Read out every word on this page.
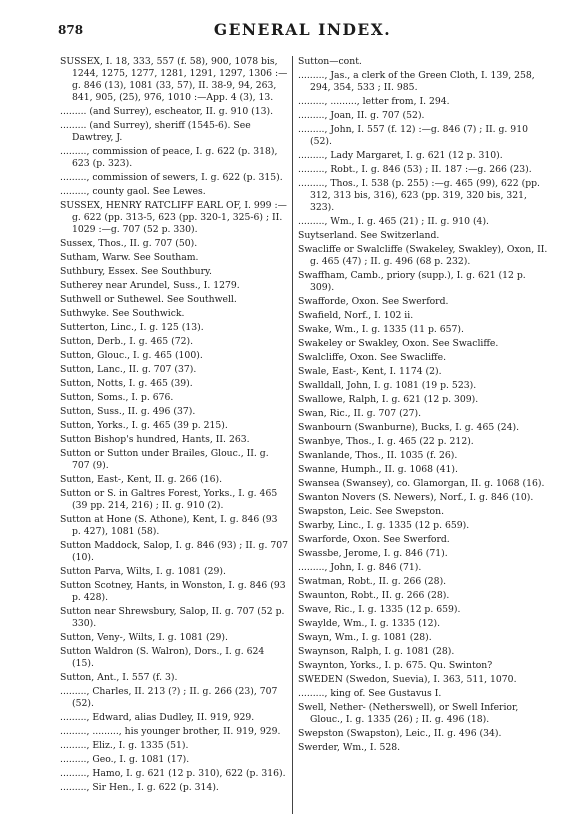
878	GENERAL INDEX.

SUSSEX, I. 18, 333, 557 (f. 58), 900, 1078 bis, 1244, 1275, 1277, 1281, 1291, 1297, 1306 :—g. 846 (13), 1081 (33, 57), II. 38-9, 94, 263, 841, 905, (25), 976, 1010 :—App. 4 (3), 13.

......... (and Surrey), escheator, II. g. 910 (13).

......... (and Surrey), sheriff (1545-6). See Dawtrey, J.

........., commission of peace, I. g. 622 (p. 318), 623 (p. 323).

........., commission of sewers, I. g. 622 (p. 315).

........., county gaol. See Lewes.

SUSSEX, HENRY RATCLIFF EARL OF, I. 999 :—g. 622 (pp. 313-5, 623 (pp. 320-1, 325-6) ; II. 1029 :—g. 707 (52 p. 330).

Sussex, Thos., II. g. 707 (50).

Sutham, Warw. See Southam.

Suthbury, Essex. See Southbury.

Sutherey near Arundel, Suss., I. 1279.

Suthwell or Suthewel. See Southwell.

Suthwyke. See Southwick.

Sutterton, Linc., I. g. 125 (13).

Sutton, Derb., I. g. 465 (72).

Sutton, Glouc., I. g. 465 (100).

Sutton, Lanc., II. g. 707 (37).

Sutton, Notts, I. g. 465 (39).

Sutton, Soms., I. p. 676.

Sutton, Suss., II. g. 496 (37).

Sutton, Yorks., I. g. 465 (39 p. 215).

Sutton Bishop's hundred, Hants, II. 263.

Sutton or Sutton under Brailes, Glouc., II. g. 707 (9).

Sutton, East-, Kent, II. g. 266 (16).

Sutton or S. in Galtres Forest, Yorks., I. g. 465 (39 pp. 214, 216) ; II. g. 910 (2).

Sutton at Hone (S. Athone), Kent, I. g. 846 (93 p. 427), 1081 (58).

Sutton Maddock, Salop, I. g. 846 (93) ; II. g. 707 (10).

Sutton Parva, Wilts, I. g. 1081 (29).

Sutton Scotney, Hants, in Wonston, I. g. 846 (93 p. 428).

Sutton near Shrewsbury, Salop, II. g. 707 (52 p. 330).

Sutton, Veny-, Wilts, I. g. 1081 (29).

Sutton Waldron (S. Walron), Dors., I. g. 624 (15).

Sutton, Ant., I. 557 (f. 3).

........., Charles, II. 213 (?) ; II. g. 266 (23), 707 (52).

........., Edward, alias Dudley, II. 919, 929.

........., ........., his younger brother, II. 919, 929.

........., Eliz., I. g. 1335 (51).

........., Geo., I. g. 1081 (17).

........., Hamo, I. g. 621 (12 p. 310), 622 (p. 316).

........., Sir Hen., I. g. 622 (p. 314).

Sutton—cont.

........., Jas., a clerk of the Green Cloth, I. 139, 258, 294, 354, 533 ; II. 985.

........., ........., letter from, I. 294.

........., Joan, II. g. 707 (52).

........., John, I. 557 (f. 12) :—g. 846 (7) ; II. g. 910 (52).

........., Lady Margaret, I. g. 621 (12 p. 310).

........., Robt., I. g. 846 (53) ; II. 187 :—g. 266 (23).

........., Thos., I. 538 (p. 255) :—g. 465 (99), 622 (pp. 312, 313 bis, 316), 623 (pp. 319, 320 bis, 321, 323).

........., Wm., I. g. 465 (21) ; II. g. 910 (4).

Suytserland. See Switzerland.

Swacliffe or Swalcliffe (Swakeley, Swakley), Oxon, II. g. 465 (47) ; II. g. 496 (68 p. 232).

Swaffham, Camb., priory (supp.), I. g. 621 (12 p. 309).

Swafforde, Oxon. See Swerford.

Swafield, Norf., I. 102 ii.

Swake, Wm., I. g. 1335 (11 p. 657).

Swakeley or Swakley, Oxon. See Swacliffe.

Swalcliffe, Oxon. See Swacliffe.

Swale, East-, Kent, I. 1174 (2).

Swalldall, John, I. g. 1081 (19 p. 523).

Swallowe, Ralph, I. g. 621 (12 p. 309).

Swan, Ric., II. g. 707 (27).

Swanbourn (Swanburne), Bucks, I. g. 465 (24).

Swanbye, Thos., I. g. 465 (22 p. 212).

Swanlande, Thos., II. 1035 (f. 26).

Swanne, Humph., II. g. 1068 (41).

Swansea (Swansey), co. Glamorgan, II. g. 1068 (16).

Swanton Novers (S. Newers), Norf., I. g. 846 (10).

Swapston, Leic. See Swepston.

Swarby, Linc., I. g. 1335 (12 p. 659).

Swarforde, Oxon. See Swerford.

Swassbe, Jerome, I. g. 846 (71).

........., John, I. g. 846 (71).

Swatman, Robt., II. g. 266 (28).

Swaunton, Robt., II. g. 266 (28).

Swave, Ric., I. g. 1335 (12 p. 659).

Swaylde, Wm., I. g. 1335 (12).

Swayn, Wm., I. g. 1081 (28).

Swaynson, Ralph, I. g. 1081 (28).

Swaynton, Yorks., I. p. 675. Qu. Swinton?

SWEDEN (Swedon, Suevia), I. 363, 511, 1070.

........., king of. See Gustavus I.

Swell, Nether- (Netherswell), or Swell Inferior, Glouc., I. g. 1335 (26) ; II. g. 496 (18).

Swepston (Swapston), Leic., II. g. 496 (34).

Swerder, Wm., I. 528.
